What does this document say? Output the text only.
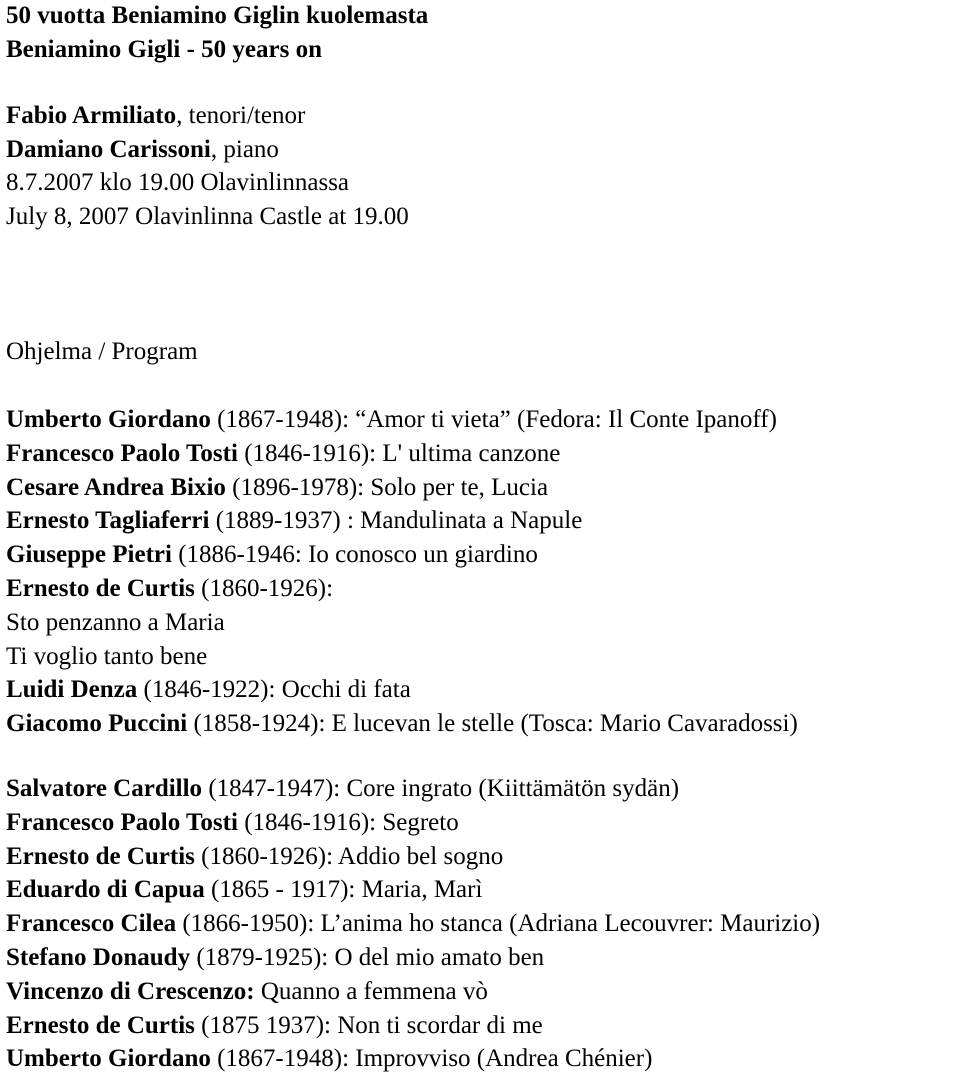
50 vuotta Beniamino Giglin kuolemasta
Beniamino Gigli - 50 years on
Fabio Armiliato, tenori/tenor
Damiano Carissoni, piano
8.7.2007 klo 19.00 Olavinlinnassa
July 8, 2007 Olavinlinna Castle at 19.00
Ohjelma / Program
Umberto Giordano (1867-1948): “Amor ti vieta” (Fedora: Il Conte Ipanoff)
Francesco Paolo Tosti (1846-1916): L' ultima canzone
Cesare Andrea Bixio (1896-1978): Solo per te, Lucia
Ernesto Tagliaferri (1889-1937) : Mandulinata a Napule
Giuseppe Pietri (1886-1946: Io conosco un giardino
Ernesto de Curtis (1860-1926):
Sto penzanno a Maria
Ti voglio tanto bene
Luidi Denza (1846-1922): Occhi di fata
Giacomo Puccini (1858-1924): E lucevan le stelle (Tosca: Mario Cavaradossi)
Salvatore Cardillo (1847-1947): Core ingrato (Kiittämätön sydän)
Francesco Paolo Tosti (1846-1916): Segreto
Ernesto de Curtis (1860-1926): Addio bel sogno
Eduardo di Capua (1865 - 1917): Maria, Marì
Francesco Cilea (1866-1950): L’anima ho stanca (Adriana Lecouvrer: Maurizio)
Stefano Donaudy (1879-1925): O del mio amato ben
Vincenzo di Crescenzo: Quanno a femmena vò
Ernesto de Curtis (1875 1937): Non ti scordar di me
Umberto Giordano (1867-1948): Improvviso (Andrea Chénier)
